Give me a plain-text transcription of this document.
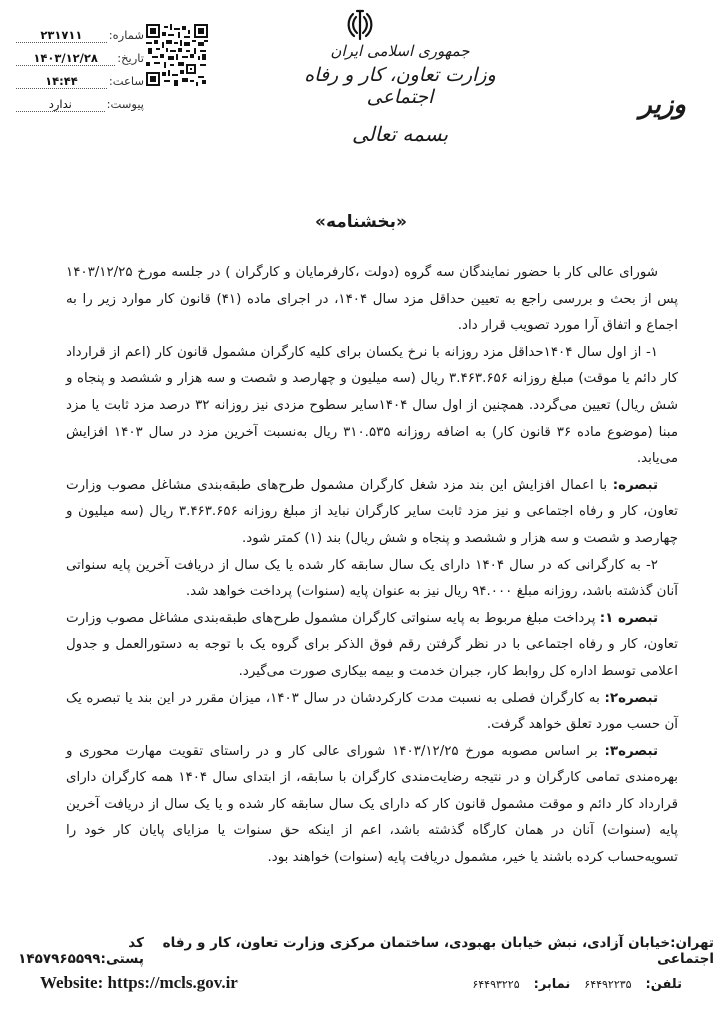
شماره:
۲۳۱۷۱۱
تاریخ:
۱۴۰۳/۱۲/۲۸
ساعت:
۱۴:۴۴
پیوست:
ندارد
جمهوری اسلامی ایران
وزارت تعاون، کار و رفاه اجتماعی
بسمه تعالی
وزیر
«بخشنامه»

شورای عالی کار با حضور نمایندگان سه گروه (دولت ،کارفرمایان و کارگران ) در جلسه مورخ ۱۴۰۳/۱۲/۲۵ پس از بحث و بررسی راجع به تعیین حداقل مزد سال ۱۴۰۴، در اجرای ماده (۴۱) قانون کار موارد زیر را به اجماع و اتفاق آرا مورد تصویب قرار داد.

۱- از اول سال ۱۴۰۴حداقل مزد روزانه با نرخ یکسان برای کلیه کارگران مشمول قانون کار (اعم از قرارداد کار دائم یا موقت) مبلغ روزانه ۳.۴۶۳.۶۵۶ ریال (سه میلیون و چهارصد و شصت و سه هزار و ششصد و پنجاه و شش ریال) تعیین می‌گردد. همچنین از اول سال ۱۴۰۴سایر سطوح مزدی نیز روزانه ۳۲ درصد مزد ثابت یا مزد مبنا (موضوع ماده ۳۶ قانون کار) به اضافه روزانه ۳۱۰.۵۳۵ ریال به‌نسبت آخرین مزد در سال ۱۴۰۳ افزایش می‌یابد.

تبصره: با اعمال افزایش این بند مزد شغل کارگران مشمول طرح‌های طبقه‌بندی مشاغل مصوب وزارت تعاون، کار و رفاه اجتماعی و نیز مزد ثابت سایر کارگران نباید از مبلغ روزانه ۳.۴۶۳.۶۵۶ ریال (سه میلیون و چهارصد و شصت و سه هزار و ششصد و پنجاه و شش ریال) بند (۱) کمتر شود.

۲- به کارگرانی که در سال ۱۴۰۴ دارای یک سال سابقه کار شده یا یک سال از دریافت آخرین پایه سنواتی آنان گذشته باشد، روزانه مبلغ ۹۴.۰۰۰ ریال نیز به عنوان پایه (سنوات) پرداخت خواهد شد.

تبصره ۱: پرداخت مبلغ مربوط به پایه سنواتی کارگران مشمول طرح‌های طبقه‌بندی مشاغل مصوب وزارت تعاون، کار و رفاه اجتماعی با در نظر گرفتن رقم فوق الذکر برای گروه یک با توجه به دستورالعمل و جدول اعلامی توسط اداره کل روابط کار، جبران خدمت و بیمه بیکاری صورت می‌گیرد.

تبصره۲: به کارگران فصلی به نسبت مدت کارکردشان در سال ۱۴۰۳، میزان مقرر در این بند یا تبصره یک آن حسب مورد تعلق خواهد گرفت.

تبصره۳: بر اساس مصوبه مورخ ۱۴۰۳/۱۲/۲۵ شورای عالی کار و در راستای تقویت مهارت محوری و بهره‌مندی تمامی کارگران و در نتیجه رضایت‌مندی کارگران با سابقه، از ابتدای سال ۱۴۰۴ همه کارگران دارای قرارداد کار دائم و موقت مشمول قانون کار که دارای یک سال سابقه کار شده و یا یک سال از دریافت آخرین پایه (سنوات) آنان در همان کارگاه گذشته باشد، اعم از اینکه حق سنوات یا مزایای پایان کار خود را تسویه‌حساب کرده باشند یا خیر، مشمول دریافت پایه (سنوات) خواهند بود.

تهران:خیابان آزادی، نبش خیابان بهبودی، ساختمان مرکزی وزارت تعاون، کار و رفاه اجتماعی
کد پستی:۱۴۵۷۹۶۵۵۹۹
تلفن:
۶۴۴۹۲۲۳۵
نمابر:
۶۴۴۹۳۲۲۵
Website: https://mcls.gov.ir
